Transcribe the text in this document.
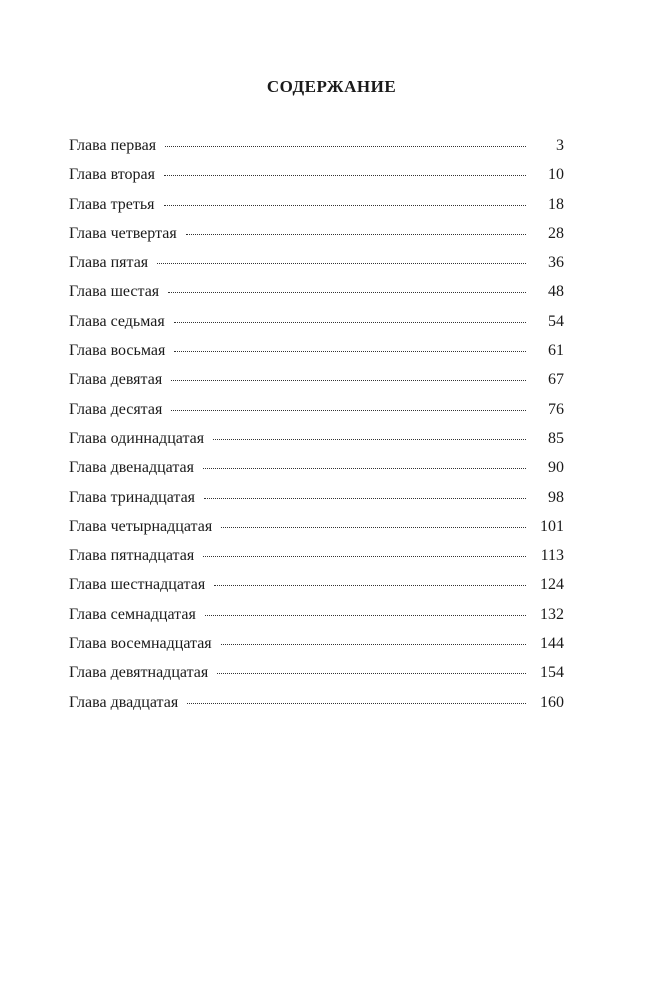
СОДЕРЖАНИЕ
Глава первая	3
Глава вторая	10
Глава третья	18
Глава четвертая	28
Глава пятая	36
Глава шестая	48
Глава седьмая	54
Глава восьмая	61
Глава девятая	67
Глава десятая	76
Глава одиннадцатая	85
Глава двенадцатая	90
Глава тринадцатая	98
Глава четырнадцатая	101
Глава пятнадцатая	113
Глава шестнадцатая	124
Глава семнадцатая	132
Глава восемнадцатая	144
Глава девятнадцатая	154
Глава двадцатая	160
